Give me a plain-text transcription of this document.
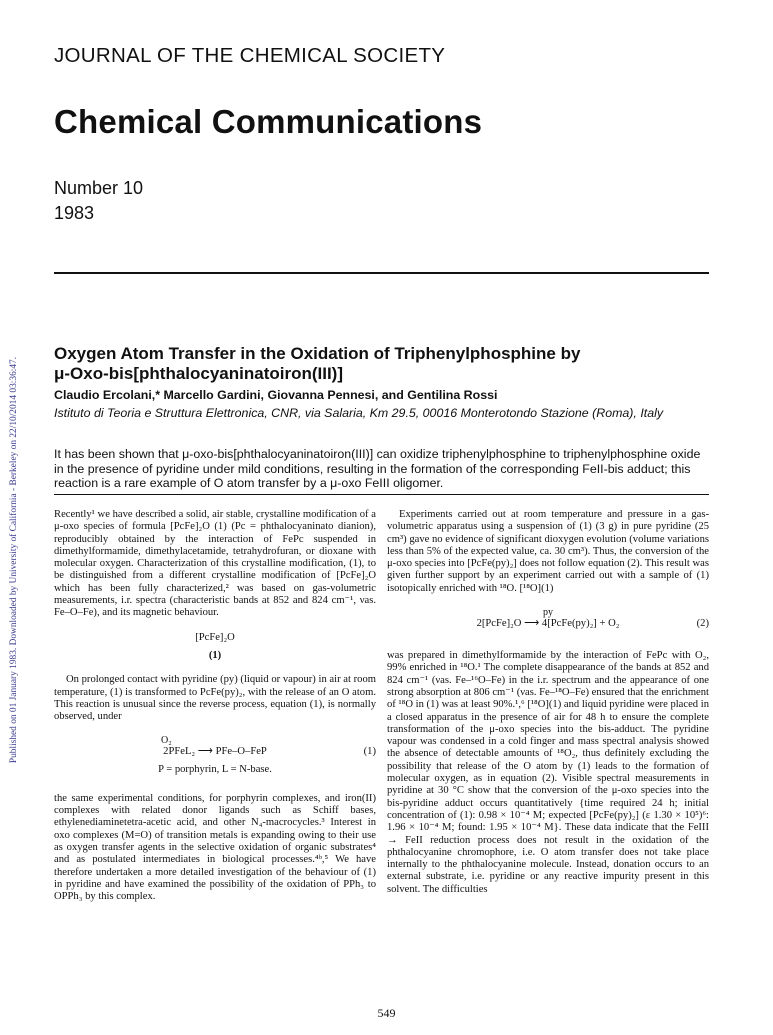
Published on 01 January 1983. Downloaded by University of California - Berkeley on 22/10/2014 03:36:47.
JOURNAL OF THE CHEMICAL SOCIETY
Chemical Communications
Number 10
1983
Oxygen Atom Transfer in the Oxidation of Triphenylphosphine by
μ-Oxo-bis[phthalocyaninatoiron(III)]
Claudio Ercolani,* Marcello Gardini, Giovanna Pennesi, and Gentilina Rossi
Istituto di Teoria e Struttura Elettronica, CNR, via Salaria, Km 29.5, 00016 Monterotondo Stazione (Roma), Italy
It has been shown that μ-oxo-bis[phthalocyaninatoiron(III)] can oxidize triphenylphosphine to triphenylphosphine oxide in the presence of pyridine under mild conditions, resulting in the formation of the corresponding FeII-bis adduct; this reaction is a rare example of O atom transfer by a μ-oxo FeIII oligomer.

Recently¹ we have described a solid, air stable, crystalline modification of a μ-oxo species of formula [PcFe]₂O (1) (Pc = phthalocyaninato dianion), reproducibly obtained by the interaction of FePc suspended in dimethylformamide, dimethylacetamide, tetrahydrofuran, or dioxane with molecular oxygen. Characterization of this crystalline modification, (1), to be distinguished from a different crystalline modification of [PcFe]₂O which has been fully characterized,² was based on gas-volumetric measurements, i.r. spectra (characteristic bands at 852 and 824 cm⁻¹, νas. Fe–O–Fe), and its magnetic behaviour.

[PcFe]₂O

(1)

On prolonged contact with pyridine (py) (liquid or vapour) in air at room temperature, (1) is transformed to PcFe(py)₂, with the release of an O atom. This reaction is unusual since the reverse process, equation (1), is normally observed, under

O₂
2PFeL₂ ⟶ PFe–O–FeP	(1)

P = porphyrin, L = N-base.

the same experimental conditions, for porphyrin complexes, and iron(II) complexes with related donor ligands such as Schiff bases, ethylenediaminetetra-acetic acid, and other N₄-macrocycles.³ Interest in oxo complexes (M=O) of transition metals is expanding owing to their use as oxygen transfer agents in the selective oxidation of organic substrates⁴ and as postulated intermediates in biological processes.⁴ᵇ,⁵ We have therefore undertaken a more detailed investigation of the behaviour of (1) in pyridine and have examined the possibility of the oxidation of PPh₃ to OPPh₃ by this complex.

Experiments carried out at room temperature and pressure in a gas-volumetric apparatus using a suspension of (1) (3 g) in pure pyridine (25 cm³) gave no evidence of significant dioxygen evolution (volume variations less than 5% of the expected value, ca. 30 cm³). Thus, the conversion of the μ-oxo species into [PcFe(py)₂] does not follow equation (2). This result was given further support by an experiment carried out with a sample of (1) isotopically enriched with ¹⁸O. [¹⁸O](1)

py
2[PcFe]₂O ⟶ 4[PcFe(py)₂] + O₂	(2)

was prepared in dimethylformamide by the interaction of FePc with O₂, 99% enriched in ¹⁸O.¹ The complete disappearance of the bands at 852 and 824 cm⁻¹ (νas. Fe–¹⁶O–Fe) in the i.r. spectrum and the appearance of one strong absorption at 806 cm⁻¹ (νas. Fe–¹⁸O–Fe) ensured that the enrichment of ¹⁸O in (1) was at least 90%.¹,⁶ [¹⁸O](1) and liquid pyridine were placed in a closed apparatus in the presence of air for 48 h to ensure the complete transformation of the μ-oxo species into the bis-adduct. The pyridine vapour was condensed in a cold finger and mass spectral analysis showed the absence of detectable amounts of ¹⁸O₂, thus definitely excluding the possibility that release of the O atom by (1) leads to the formation of molecular oxygen, as in equation (2). Visible spectral measurements in pyridine at 30 °C show that the conversion of the μ-oxo species into the bis-pyridine adduct occurs quantitatively {time required 24 h; initial concentration of (1): 0.98 × 10⁻⁴ M; expected [PcFe(py)₂] (ε 1.30 × 10⁵)⁶: 1.96 × 10⁻⁴ M; found: 1.95 × 10⁻⁴ M}. These data indicate that the FeIII → FeII reduction process does not result in the oxidation of the phthalocyanine chromophore, i.e. O atom transfer does not take place internally to the phthalocyanine molecule. Instead, donation occurs to an external substrate, i.e. pyridine or any reactive impurity present in this solvent. The difficulties

549
